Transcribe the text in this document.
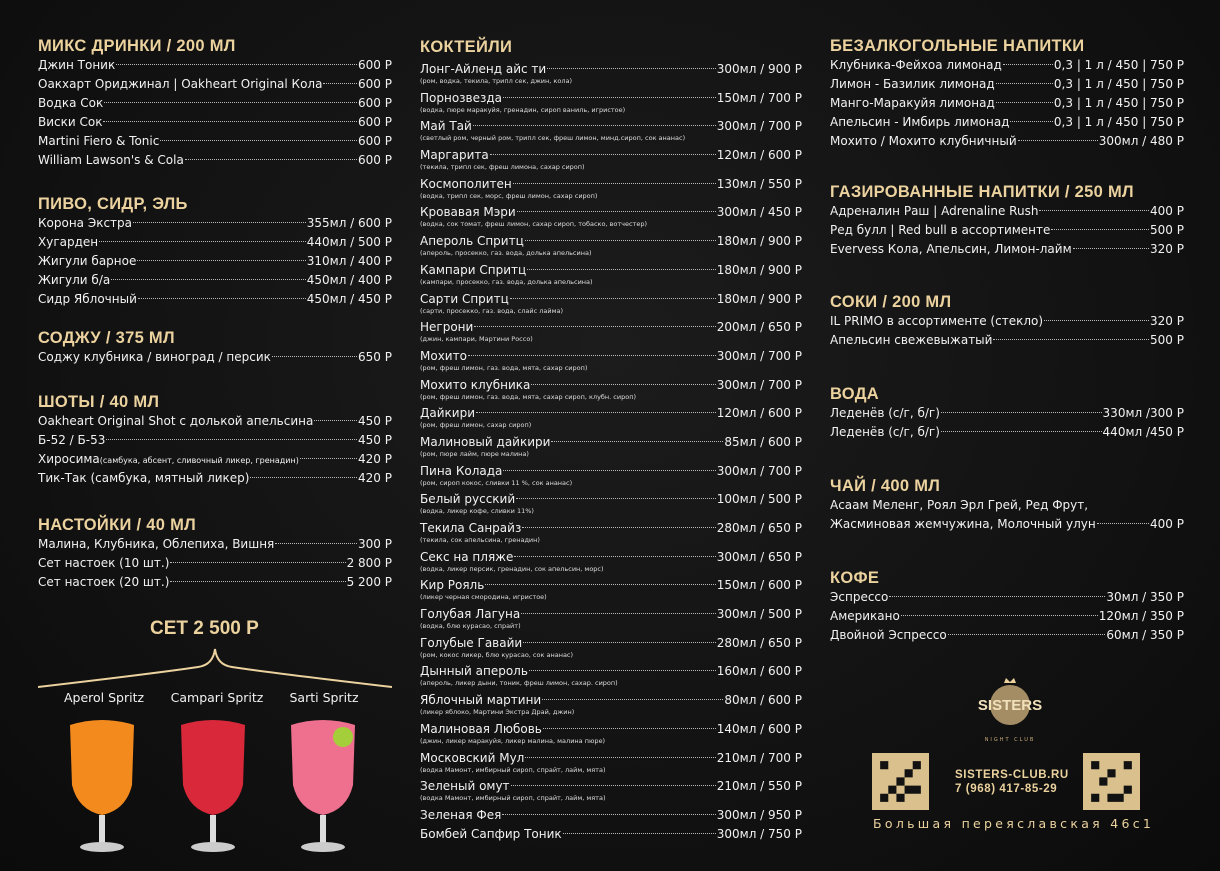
МИКС ДРИНКИ / 200 МЛ
Джин Тоник	600 Р
Оакхарт Ориджинал | Oakheart Original Кола	600 Р
Водка Сок	600 Р
Виски Сок	600 Р
Martini Fiero & Tonic	600 Р
William Lawson's & Cola	600 Р
ПИВО, СИДР, ЭЛЬ
Корона Экстра	355мл / 600 Р
Хугарден	440мл / 500 Р
Жигули барное	310мл / 400 Р
Жигули б/а	450мл / 400 Р
Сидр Яблочный	450мл / 450 Р
СОДЖУ / 375 МЛ
Соджу клубника / виноград / персик	650 Р
ШОТЫ / 40 МЛ
Oakheart Original Shot с долькой апельсина	450 Р
Б-52 / Б-53	450 Р
Хиросима (самбука, абсент, сливочный ликер, гренадин)	420 Р
Тик-Так (самбука, мятный ликер)	420 Р
НАСТОЙКИ / 40 МЛ
Малина, Клубника, Облепиха, Вишня	300 Р
Сет настоек (10 шт.)	2 800 Р
Сет настоек (20 шт.)	5 200 Р
КОКТЕЙЛИ
Лонг-Айленд айс ти	300мл / 900 Р
(ром, водка, текила, трипл сек, джин, кола)
Порнозвезда	150мл / 700 Р
(водка, пюре маракуйя, гренадин, сироп ваниль, игристое)
Май Тай	300мл / 700 Р
(светлый ром, черный ром, трипл сек, фреш лимон, минд.сироп, сок ананас)
Маргарита	120мл / 600 Р
(текила, трипл сек, фреш лимона, сахар сироп)
Космополитен	130мл / 550 Р
(водка, трипл сек, морс, фреш лимон, сахар сироп)
Кровавая Мэри	300мл / 450 Р
(водка, сок томат, фреш лимон, сахар сироп, тобаско, вотчестер)
Апероль Спритц	180мл / 900 Р
(апероль, просекко, газ. вода, долька апельсина)
Кампари Спритц	180мл / 900 Р
(кампари, просекко, газ. вода, долька апельсина)
Сарти Спритц	180мл / 900 Р
(сарти, просекко, газ. вода, слайс лайма)
Негрони	200мл / 650 Р
(джин, кампари, Мартини Россо)
Мохито	300мл / 700 Р
(ром, фреш лимон, газ. вода, мята, сахар сироп)
Мохито клубника	300мл / 700 Р
(ром, фреш лимон, газ. вода, мята, сахар сироп, клубн. сироп)
Дайкири	120мл / 600 Р
(ром, фреш лимон, сахар сироп)
Малиновый дайкири	85мл / 600 Р
(ром, пюре лайм, пюре малина)
Пина Колада	300мл / 700 Р
(ром, сироп кокос, сливки 11 %, сок ананас)
Белый русский	100мл / 500 Р
(водка, ликер кофе, сливки 11%)
Текила Санрайз	280мл / 650 Р
(текила, сок апельсина, гренадин)
Секс на пляже	300мл / 650 Р
(водка, ликер персик, гренадин, сок апельсин, морс)
Кир Рояль	150мл / 600 Р
(ликер черная смородина, игристое)
Голубая Лагуна	300мл / 500 Р
(водка, блю курасао, спрайт)
Голубые Гавайи	280мл / 650 Р
(ром, кокос ликер, блю курасао, сок ананас)
Дынный апероль	160мл / 600 Р
(апероль, ликер дыни, тоник, фреш лимон, сахар. сироп)
Яблочный мартини	80мл / 600 Р
(ликер яблоко, Мартини Экстра Драй, джин)
Малиновая Любовь	140мл / 600 Р
(джин, ликер маракуйя, ликер малина, малина пюре)
Московский Мул	210мл / 700 Р
(водка Мамонт, имбирный сироп, спрайт, лайм, мята)
Зеленый омут	210мл / 550 Р
(водка Мамонт, имбирный сироп, спрайт, лайм, мята)
Зеленая Фея	300мл / 950 Р
Бомбей Сапфир Тоник	300мл / 750 Р
БЕЗАЛКОГОЛЬНЫЕ НАПИТКИ
Клубника-Фейхоа лимонад	0,3 | 1 л / 450 | 750 Р
Лимон - Базилик лимонад	0,3 | 1 л / 450 | 750 Р
Манго-Маракуйя лимонад	0,3 | 1 л / 450 | 750 Р
Апельсин - Имбирь лимонад	0,3 | 1 л / 450 | 750 Р
Мохито / Мохито клубничный	300мл / 480 Р
ГАЗИРОВАННЫЕ НАПИТКИ / 250 МЛ
Адреналин Раш | Adrenaline Rush	400 Р
Ред булл | Red bull в ассортименте	500 Р
Evervess Кола, Апельсин, Лимон-лайм	320 Р
СОКИ / 200 МЛ
IL PRIMO в ассортименте (стекло)	320 Р
Апельсин свежевыжатый	500 Р
ВОДА
Леденёв (с/г, б/г)	330мл /300 Р
Леденёв (с/г, б/г)	440мл /450 Р
ЧАЙ / 400 МЛ
Асаам Меленг, Роял Эрл Грей, Ред Фрут,
Жасминовая жемчужина, Молочный улун	400 Р
КОФЕ
Эспрессо	30мл / 350 Р
Американо	120мл / 350 Р
Двойной Эспрессо	60мл / 350 Р
СЕТ 2 500 Р
Aperol Spritz	Campari Spritz	Sarti Spritz	SISTERS
NIGHT CLUB
SISTERS-CLUB.RU
7 (968) 417-85-29
Большая переяславская 46с1
